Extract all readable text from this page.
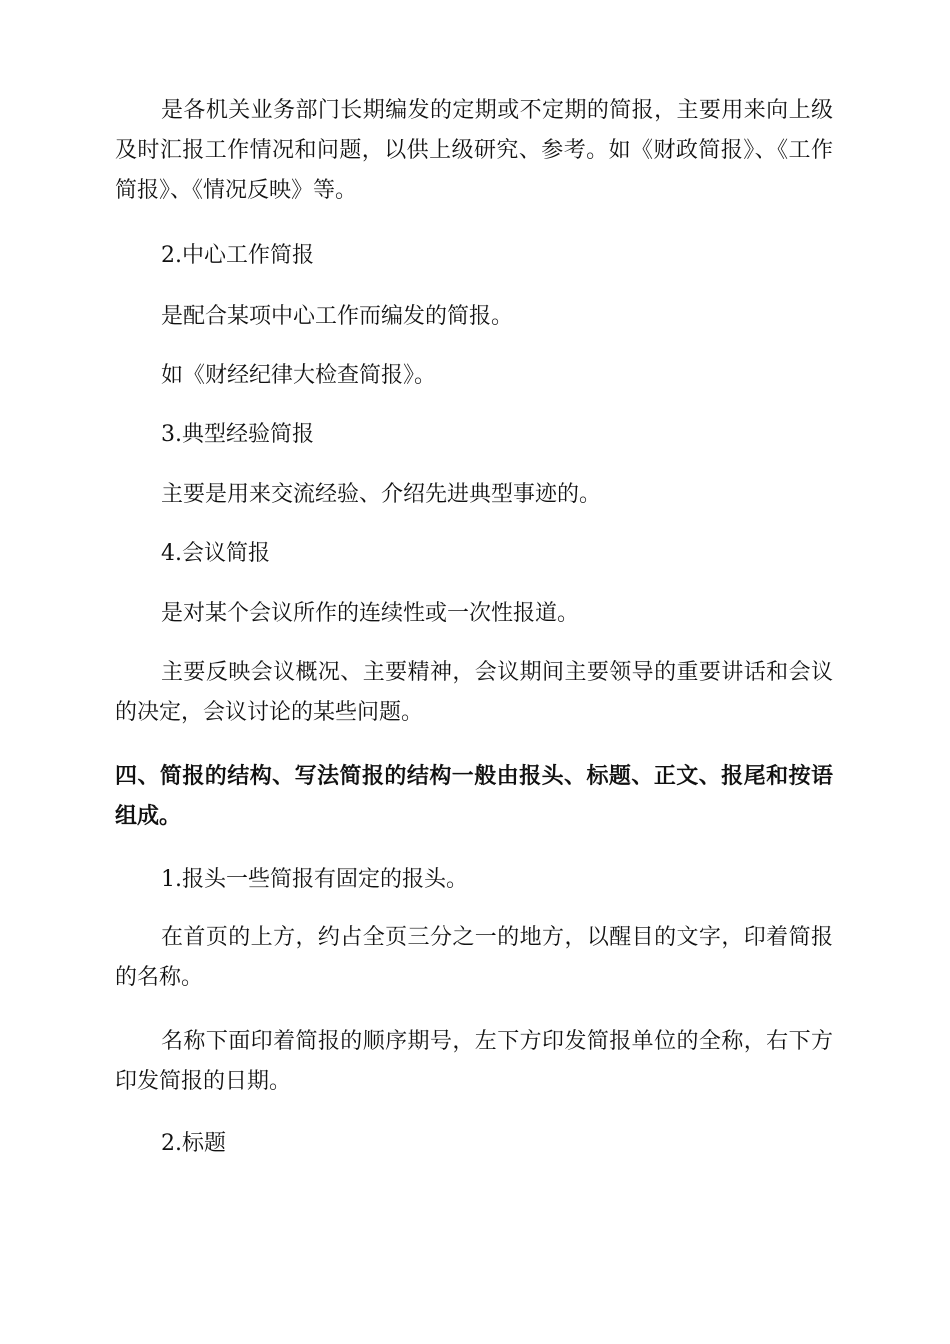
是各机关业务部门长期编发的定期或不定期的简报，主要用来向上级及时汇报工作情况和问题，以供上级研究、参考。如《财政简报》、《工作简报》、《情况反映》等。

2.中心工作简报

是配合某项中心工作而编发的简报。

如《财经纪律大检查简报》。

3.典型经验简报

主要是用来交流经验、介绍先进典型事迹的。

4.会议简报

是对某个会议所作的连续性或一次性报道。

主要反映会议概况、主要精神，会议期间主要领导的重要讲话和会议的决定，会议讨论的某些问题。

四、简报的结构、写法简报的结构一般由报头、标题、正文、报尾和按语组成。

1.报头一些简报有固定的报头。

在首页的上方，约占全页三分之一的地方，以醒目的文字，印着简报的名称。

名称下面印着简报的顺序期号，左下方印发简报单位的全称，右下方印发简报的日期。

2.标题
